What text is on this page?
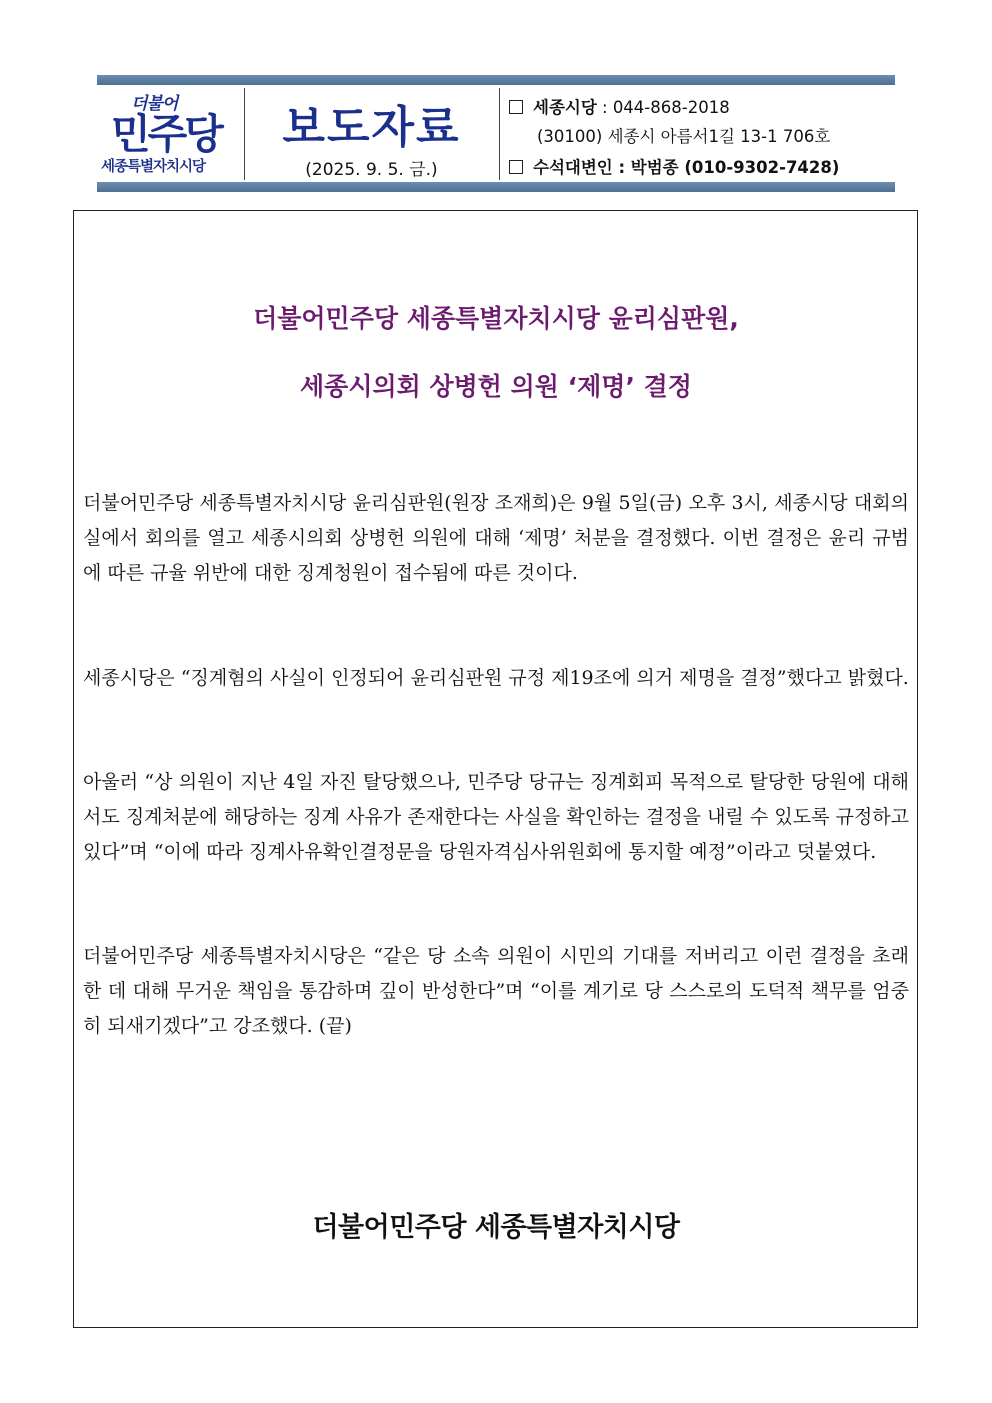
더불어
민주당
세종특별자치시당
보도자료
(2025. 9. 5. 금.)
세종시당 : 044-868-2018
(30100) 세종시 아름서1길 13-1 706호
수석대변인 : 박범종 (010-9302-7428)
더불어민주당 세종특별자치시당 윤리심판원,
세종시의회 상병헌 의원 ‘제명’ 결정
더불어민주당 세종특별자치시당 윤리심판원(원장 조재희)은 9월 5일(금) 오후 3시, 세종시당 대회의실에서 회의를 열고 세종시의회 상병헌 의원에 대해 ‘제명’ 처분을 결정했다. 이번 결정은 윤리 규범에 따른 규율 위반에 대한 징계청원이 접수됨에 따른 것이다.
세종시당은 “징계혐의 사실이 인정되어 윤리심판원 규정 제19조에 의거 제명을 결정”했다고 밝혔다.
아울러 “상 의원이 지난 4일 자진 탈당했으나, 민주당 당규는 징계회피 목적으로 탈당한 당원에 대해서도 징계처분에 해당하는 징계 사유가 존재한다는 사실을 확인하는 결정을 내릴 수 있도록 규정하고 있다”며 “이에 따라 징계사유확인결정문을 당원자격심사위원회에 통지할 예정”이라고 덧붙였다.
더불어민주당 세종특별자치시당은 “같은 당 소속 의원이 시민의 기대를 저버리고 이런 결정을 초래한 데 대해 무거운 책임을 통감하며 깊이 반성한다”며 “이를 계기로 당 스스로의 도덕적 책무를 엄중히 되새기겠다”고 강조했다. (끝)
더불어민주당 세종특별자치시당
